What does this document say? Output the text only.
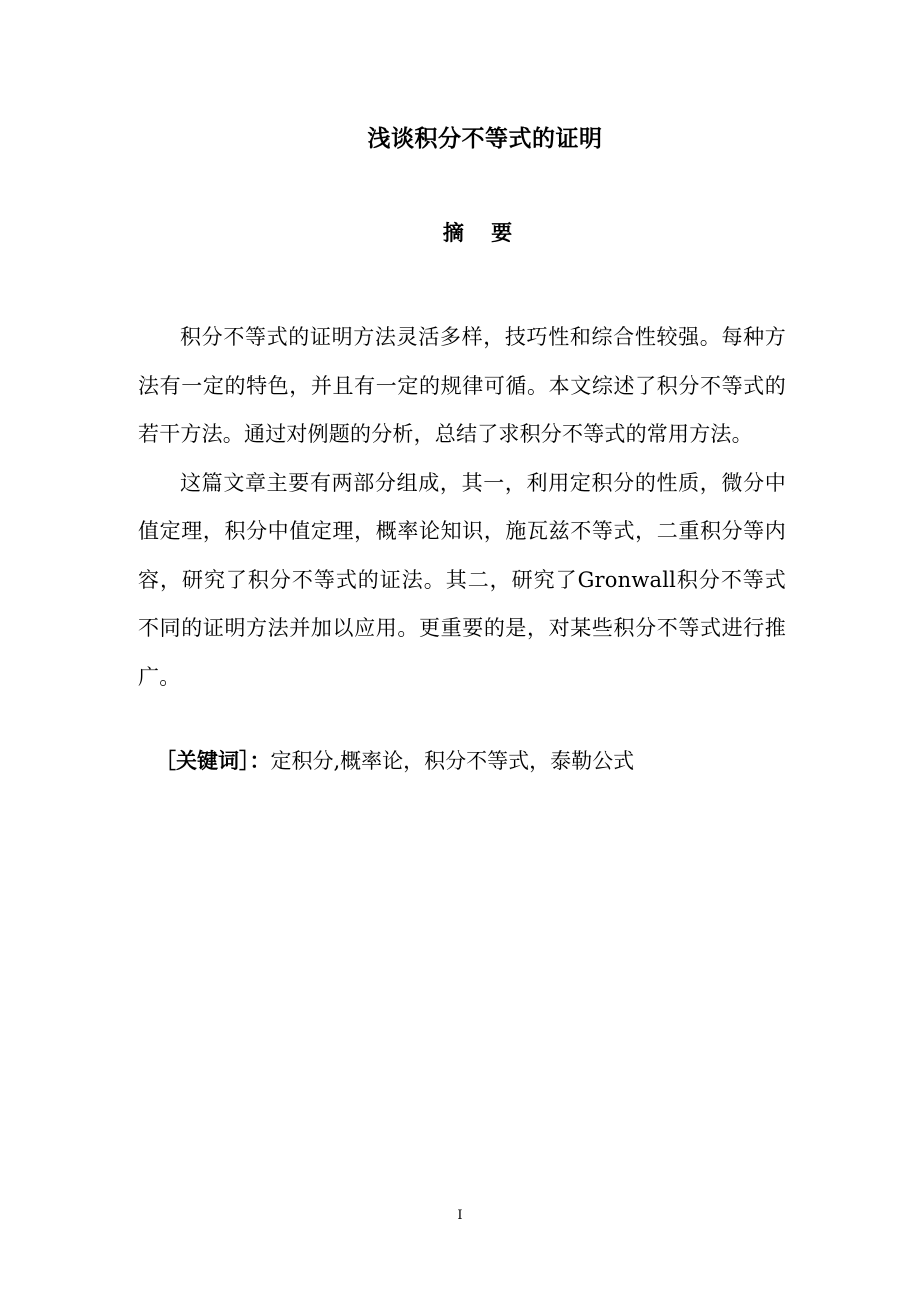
浅谈积分不等式的证明
摘 要

积分不等式的证明方法灵活多样，技巧性和综合性较强。每种方法有一定的特色，并且有一定的规律可循。本文综述了积分不等式的若干方法。通过对例题的分析，总结了求积分不等式的常用方法。

这篇文章主要有两部分组成，其一，利用定积分的性质，微分中值定理，积分中值定理，概率论知识，施瓦兹不等式，二重积分等内容，研究了积分不等式的证法。其二，研究了Gronwall积分不等式不同的证明方法并加以应用。更重要的是，对某些积分不等式进行推广。

［关键词］：定积分,概率论，积分不等式，泰勒公式
I
